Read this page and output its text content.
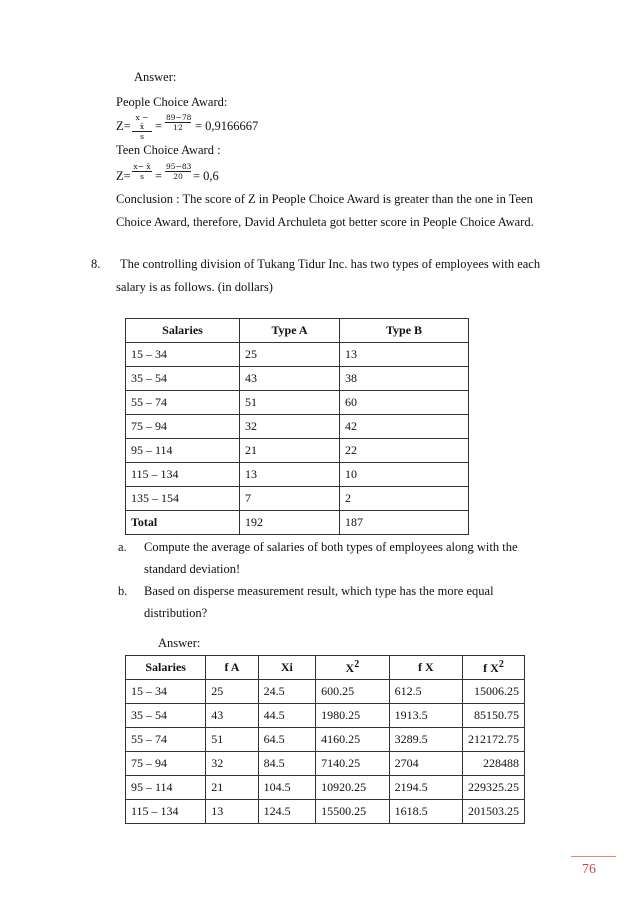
Answer:
People Choice Award:
$Z= \frac{x - x̄}{s} = \frac{89-78}{12} = 0,9166667$
Teen Choice Award :
$Z= \frac{x- x̄}{s} = \frac{95-83}{20} = 0,6$
Conclusion : The score of Z in People Choice Award is greater than the one in Teen
Choice Award, therefore, David Archuleta got better score in People Choice Award.
8. The controlling division of Tukang Tidur Inc. has two types of employees with each
salary is as follows. (in dollars)
Salaries	Type A	Type B
15 – 34	25	13
35 – 54	43	38
55 – 74	51	60
75 – 94	32	42
95 – 114	21	22
115 – 134	13	10
135 – 154	7	2
Total	192	187
a. Compute the average of salaries of both types of employees along with the
standard deviation!
b. Based on disperse measurement result, which type has the more equal
distribution?
Answer:
Salaries	f A	Xi	$X^2$	f X	f $X^2$
15 – 34	25	24.5	600.25	612.5	15006.25
35 – 54	43	44.5	1980.25	1913.5	85150.75
55 – 74	51	64.5	4160.25	3289.5	212172.75
75 – 94	32	84.5	7140.25	2704	228488
95 – 114	21	104.5	10920.25	2194.5	229325.25
115 – 134	13	124.5	15500.25	1618.5	201503.25
76
